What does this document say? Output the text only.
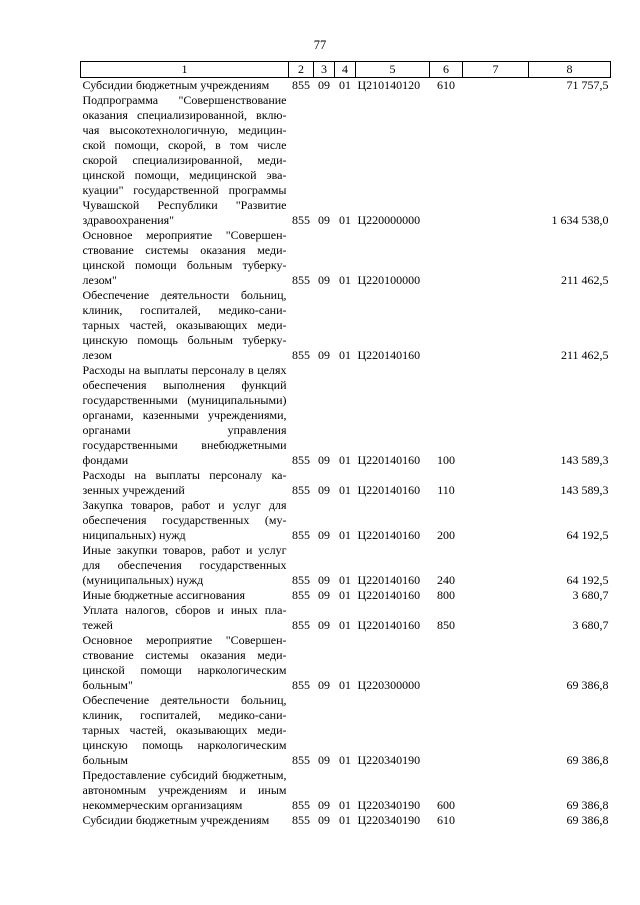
77
1	2	3	4	5	6	7	8
Субсидии бюджетным учреждениям	855	09	01	Ц210140120	610		71 757,5
Подпрограмма "Совершенствование оказания специализированной, включая высокотехнологичную, медицинской помощи, скорой, в том числе скорой специализированной, медицинской помощи, медицинской эвакуации" государственной программы Чувашской Республики "Развитие здравоохранения"	855	09	01	Ц220000000			1 634 538,0
Основное мероприятие "Совершенствование системы оказания медицинской помощи больным туберкулезом"	855	09	01	Ц220100000			211 462,5
Обеспечение деятельности больниц, клиник, госпиталей, медико-санитарных частей, оказывающих медицинскую помощь больным туберкулезом	855	09	01	Ц220140160			211 462,5
Расходы на выплаты персоналу в целях обеспечения выполнения функций государственными (муниципальными) органами, казенными учреждениями, органами управления государственными внебюджетными фондами	855	09	01	Ц220140160	100		143 589,3
Расходы на выплаты персоналу казенных учреждений	855	09	01	Ц220140160	110		143 589,3
Закупка товаров, работ и услуг для обеспечения государственных (муниципальных) нужд	855	09	01	Ц220140160	200		64 192,5
Иные закупки товаров, работ и услуг для обеспечения государственных (муниципальных) нужд	855	09	01	Ц220140160	240		64 192,5
Иные бюджетные ассигнования	855	09	01	Ц220140160	800		3 680,7
Уплата налогов, сборов и иных платежей	855	09	01	Ц220140160	850		3 680,7
Основное мероприятие "Совершенствование системы оказания медицинской помощи наркологическим больным"	855	09	01	Ц220300000			69 386,8
Обеспечение деятельности больниц, клиник, госпиталей, медико-санитарных частей, оказывающих медицинскую помощь наркологическим больным	855	09	01	Ц220340190			69 386,8
Предоставление субсидий бюджетным, автономным учреждениям и иным некоммерческим организациям	855	09	01	Ц220340190	600		69 386,8
Субсидии бюджетным учреждениям	855	09	01	Ц220340190	610		69 386,8
